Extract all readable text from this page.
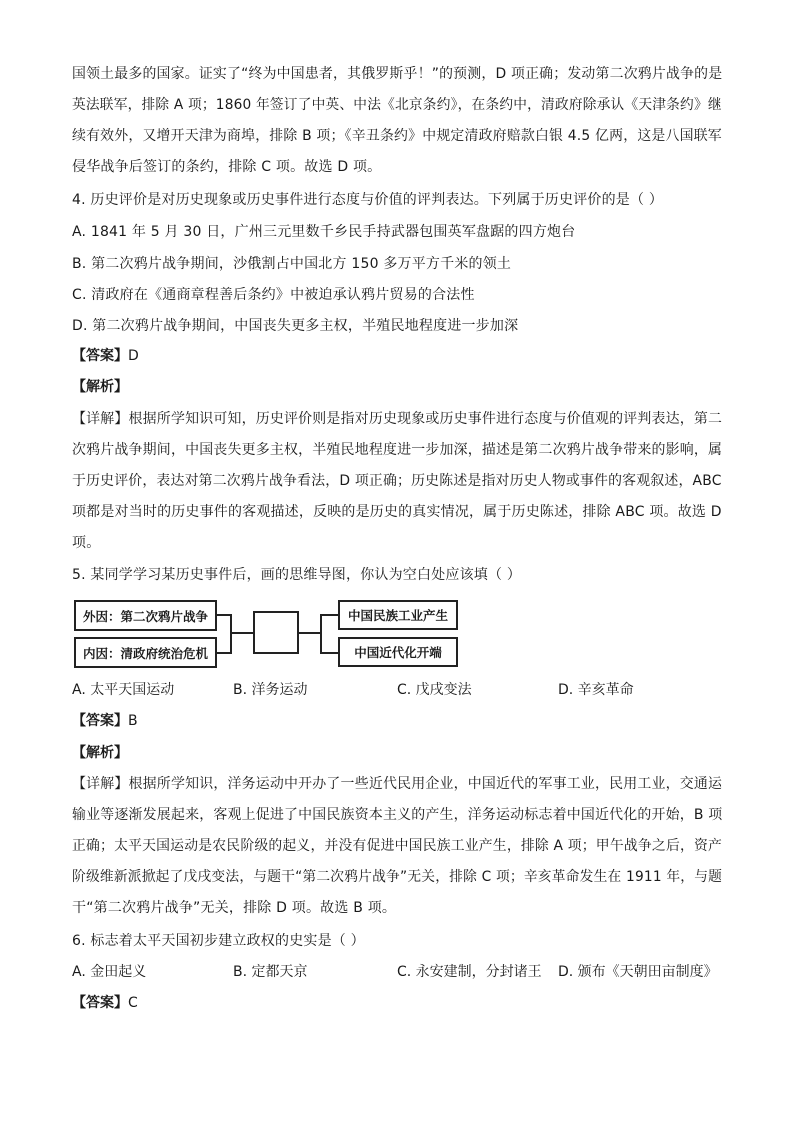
国领土最多的国家。证实了“终为中国患者，其俄罗斯乎！”的预测，D 项正确；发动第二次鸦片战争的是
英法联军，排除 A 项；1860 年签订了中英、中法《北京条约》，在条约中，清政府除承认《天津条约》继
续有效外，又增开天津为商埠，排除 B 项；《辛丑条约》中规定清政府赔款白银 4.5 亿两，这是八国联军
侵华战争后签订的条约，排除 C 项。故选 D 项。
4. 历史评价是对历史现象或历史事件进行态度与价值的评判表达。下列属于历史评价的是（ ）
A. 1841 年 5 月 30 日，广州三元里数千乡民手持武器包围英军盘踞的四方炮台
B. 第二次鸦片战争期间，沙俄割占中国北方 150 多万平方千米的领土
C. 清政府在《通商章程善后条约》中被迫承认鸦片贸易的合法性
D. 第二次鸦片战争期间，中国丧失更多主权，半殖民地程度进一步加深
【答案】D
【解析】
【详解】根据所学知识可知，历史评价则是指对历史现象或历史事件进行态度与价值观的评判表达，第二
次鸦片战争期间，中国丧失更多主权，半殖民地程度进一步加深，描述是第二次鸦片战争带来的影响，属
于历史评价，表达对第二次鸦片战争看法，D 项正确；历史陈述是指对历史人物或事件的客观叙述，ABC
项都是对当时的历史事件的客观描述，反映的是历史的真实情况，属于历史陈述，排除 ABC 项。故选 D
项。
5. 某同学学习某历史事件后，画的思维导图，你认为空白处应该填（ ）
外因：第二次鸦片战争
内因：清政府统治危机
中国民族工业产生
中国近代化开端
A. 太平天国运动	B. 洋务运动	C. 戊戌变法	D. 辛亥革命
【答案】B
【解析】
【详解】根据所学知识，洋务运动中开办了一些近代民用企业，中国近代的军事工业，民用工业，交通运
输业等逐渐发展起来，客观上促进了中国民族资本主义的产生，洋务运动标志着中国近代化的开始，B 项
正确；太平天国运动是农民阶级的起义，并没有促进中国民族工业产生，排除 A 项；甲午战争之后，资产
阶级维新派掀起了戊戌变法，与题干“第二次鸦片战争”无关，排除 C 项；辛亥革命发生在 1911 年，与题
干“第二次鸦片战争”无关，排除 D 项。故选 B 项。
6. 标志着太平天国初步建立政权的史实是（ ）
A. 金田起义	B. 定都天京	C. 永安建制，分封诸王 D. 颁布《天朝田亩制度》
【答案】C
